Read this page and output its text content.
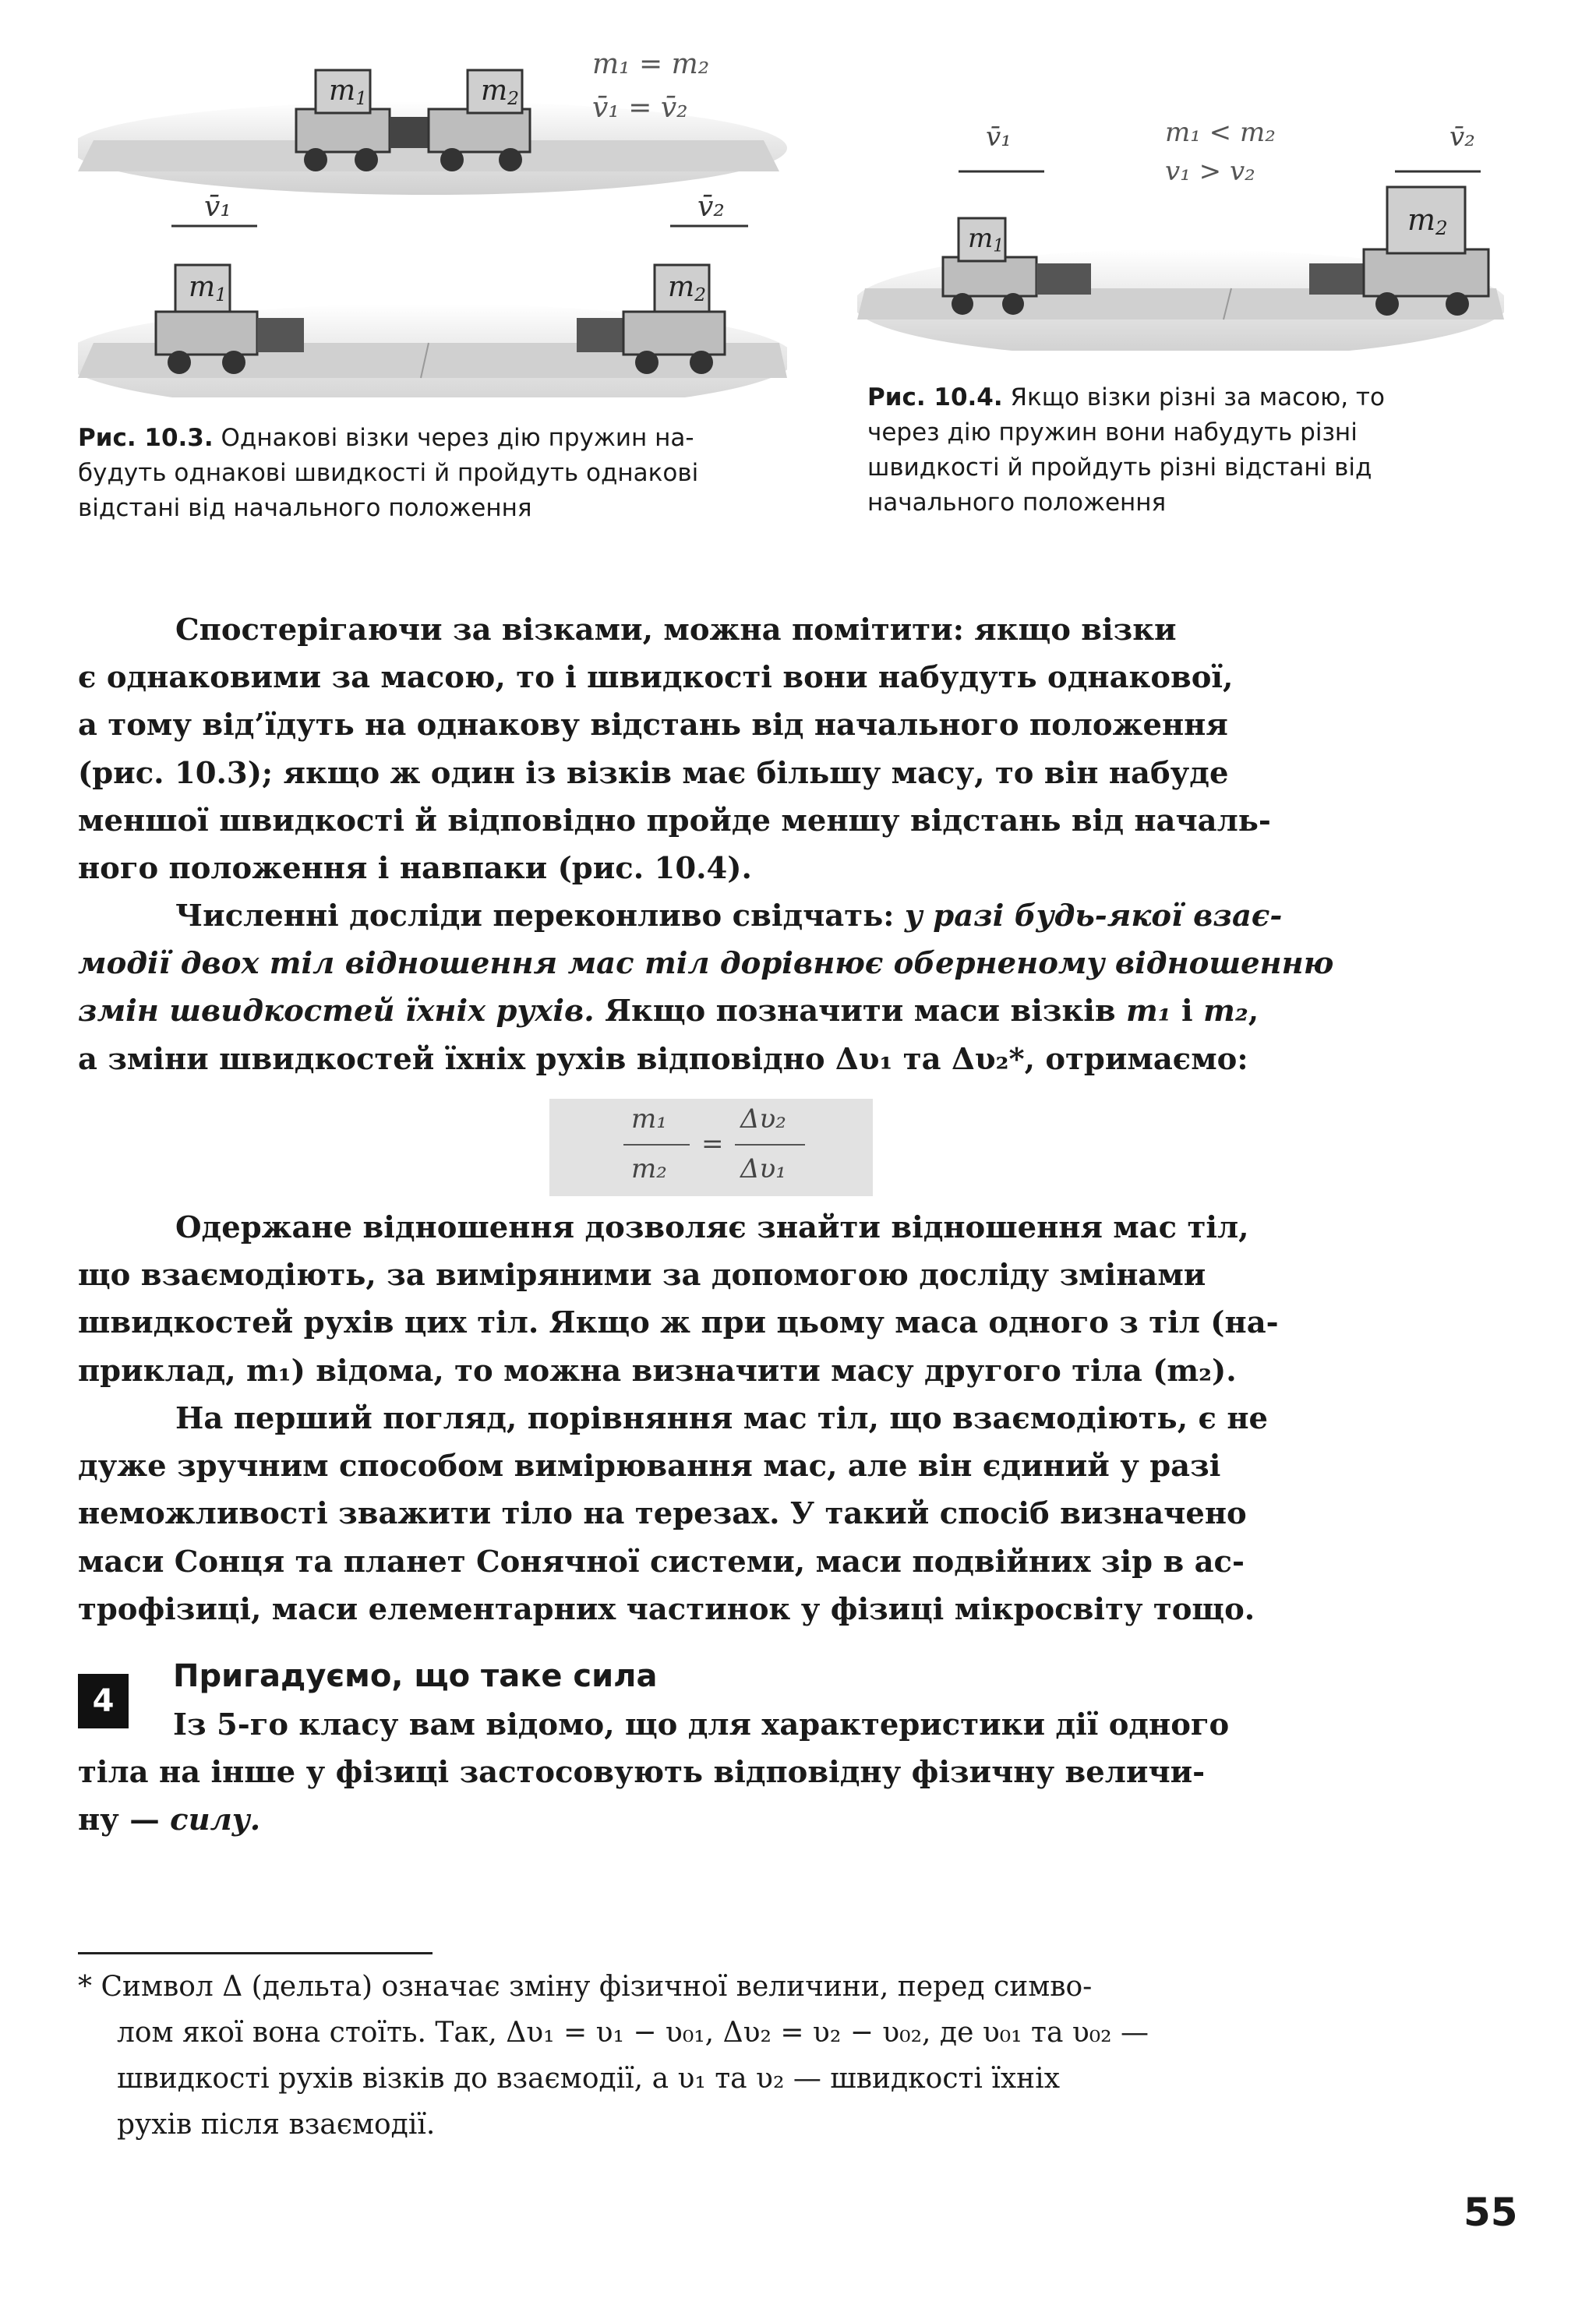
$m_1$	$m_2$
$m_1$	$m_2$
m₁ = m₂
v̄₁ = v̄₂
v̄₁	v̄₂
Рис. 10.3. Однакові візки через дію пружин на-
будуть однакові швидкості й пройдуть однакові
відстані від начального положення
$m_1$
$m_2$
m₁ < m₂
v₁ > v₂
v̄₁	v̄₂
Рис. 10.4. Якщо візки різні за масою, то
через дію пружин вони набудуть різні
швидкості й пройдуть різні відстані від
начального положення
Спостерігаючи за візками, можна помітити: якщо візки
є однаковими за масою, то і швидкості вони набудуть однакової,
а тому від’їдуть на однакову відстань від начального положення
(рис. 10.3); якщо ж один із візків має більшу масу, то він набуде
меншої швидкості й відповідно пройде меншу відстань від началь-
ного положення і навпаки (рис. 10.4).
Численні досліди переконливо свідчать: у разі будь-якої взає-
модії двох тіл відношення мас тіл дорівнює оберненому відношенню
змін швидкостей їхніх рухів. Якщо позначити маси візків m₁ і m₂,
а зміни швидкостей їхніх рухів відповідно Δυ₁ та Δυ₂*, отримаємо:
m₁
m₂
=
Δυ₂
Δυ₁
Одержане відношення дозволяє знайти відношення мас тіл,
що взаємодіють, за виміряними за допомогою досліду змінами
швидкостей рухів цих тіл. Якщо ж при цьому маса одного з тіл (на-
приклад, m₁) відома, то можна визначити масу другого тіла (m₂).
На перший погляд, порівняння мас тіл, що взаємодіють, є не
дуже зручним способом вимірювання мас, але він єдиний у разі
неможливості зважити тіло на терезах. У такий спосіб визначено
маси Сонця та планет Сонячної системи, маси подвійних зір в ас-
трофізиці, маси елементарних частинок у фізиці мікросвіту тощо.
4
Пригадуємо, що таке сила
Із 5-го класу вам відомо, що для характеристики дії одного
тіла на інше у фізиці застосовують відповідну фізичну величи-
ну — силу.
* Символ Δ (дельта) означає зміну фізичної величини, перед симво-
лом якої вона стоїть. Так, Δυ₁ = υ₁ − υ₀₁, Δυ₂ = υ₂ − υ₀₂, де υ₀₁ та υ₀₂ —
швидкості рухів візків до взаємодії, а υ₁ та υ₂ — швидкості їхніх
рухів після взаємодії.
55
